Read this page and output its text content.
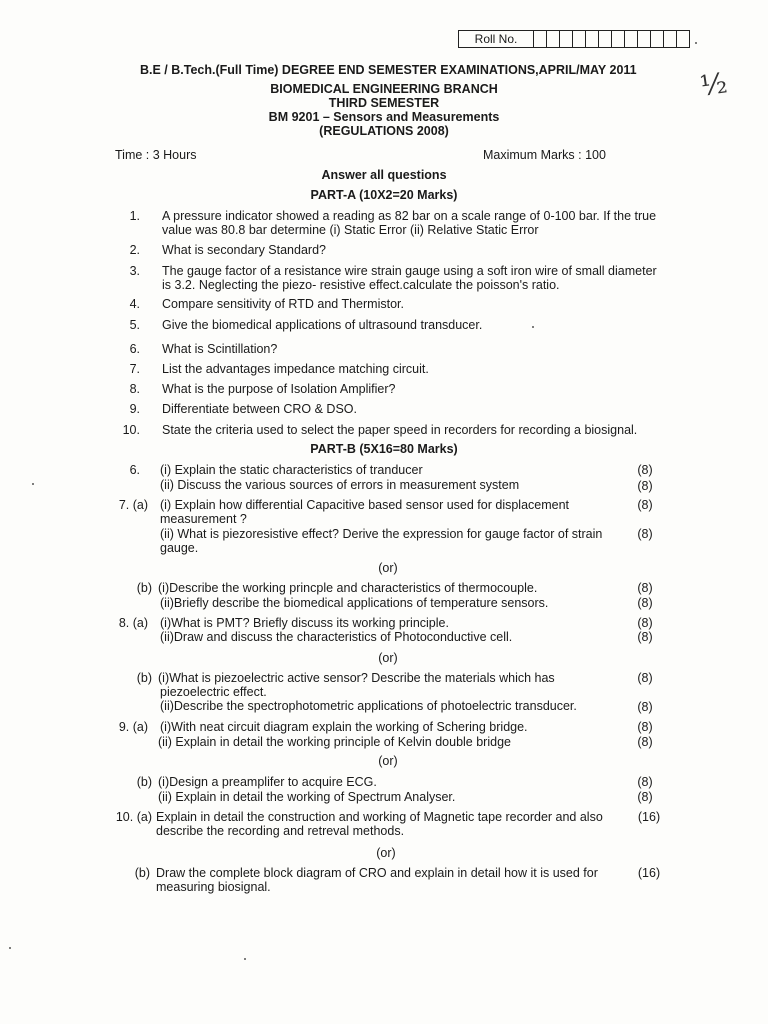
Roll No.
B.E / B.Tech.(Full Time) DEGREE END SEMESTER EXAMINATIONS,APRIL/MAY 2011 ½
BIOMEDICAL ENGINEERING BRANCH
THIRD SEMESTER
BM 9201 – Sensors and Measurements
(REGULATIONS 2008)
Time : 3 Hours	Maximum Marks : 100
Answer all questions
PART-A (10X2=20 Marks)
1. A pressure indicator showed a reading as 82 bar on a scale range of 0-100 bar. If the true
value was 80.8 bar determine (i) Static Error (ii) Relative Static Error
2. What is secondary Standard?
3. The gauge factor of a resistance wire strain gauge using a soft iron wire of small diameter
is 3.2. Neglecting the piezo- resistive effect.calculate the poisson's ratio.
4. Compare sensitivity of RTD and Thermistor.
5. Give the biomedical applications of ultrasound transducer.
6. What is Scintillation?
7. List the advantages impedance matching circuit.
8. What is the purpose of Isolation Amplifier?
9. Differentiate between CRO & DSO.
10. State the criteria used to select the paper speed in recorders for recording a biosignal.
PART-B (5X16=80 Marks)
6. (i) Explain the static characteristics of tranducer	(8)
(ii) Discuss the various sources of errors in measurement system	(8)
7. (a) (i) Explain how differential Capacitive based sensor used for displacement	(8)
measurement ?
(ii) What is piezoresistive effect? Derive the expression for gauge factor of strain	(8)
gauge.
(or)
(b) (i)Describe the working princple and characteristics of thermocouple.	(8)
(ii)Briefly describe the biomedical applications of temperature sensors.	(8)
8. (a) (i)What is PMT? Briefly discuss its working principle.	(8)
(ii)Draw and discuss the characteristics of Photoconductive cell.	(8)
(or)
(b) (i)What is piezoelectric active sensor? Describe the materials which has	(8)
piezoelectric effect.
(ii)Describe the spectrophotometric applications of photoelectric transducer.	(8)
9. (a) (i)With neat circuit diagram explain the working of Schering bridge.	(8)
(ii) Explain in detail the working principle of Kelvin double bridge	(8)
(or)
(b) (i)Design a preamplifer to acquire ECG.	(8)
(ii) Explain in detail the working of Spectrum Analyser.	(8)
10. (a) Explain in detail the construction and working of Magnetic tape recorder and also	(16)
describe the recording and retreval methods.
(or)
(b) Draw the complete block diagram of CRO and explain in detail how it is used for	(16)
measuring biosignal.
